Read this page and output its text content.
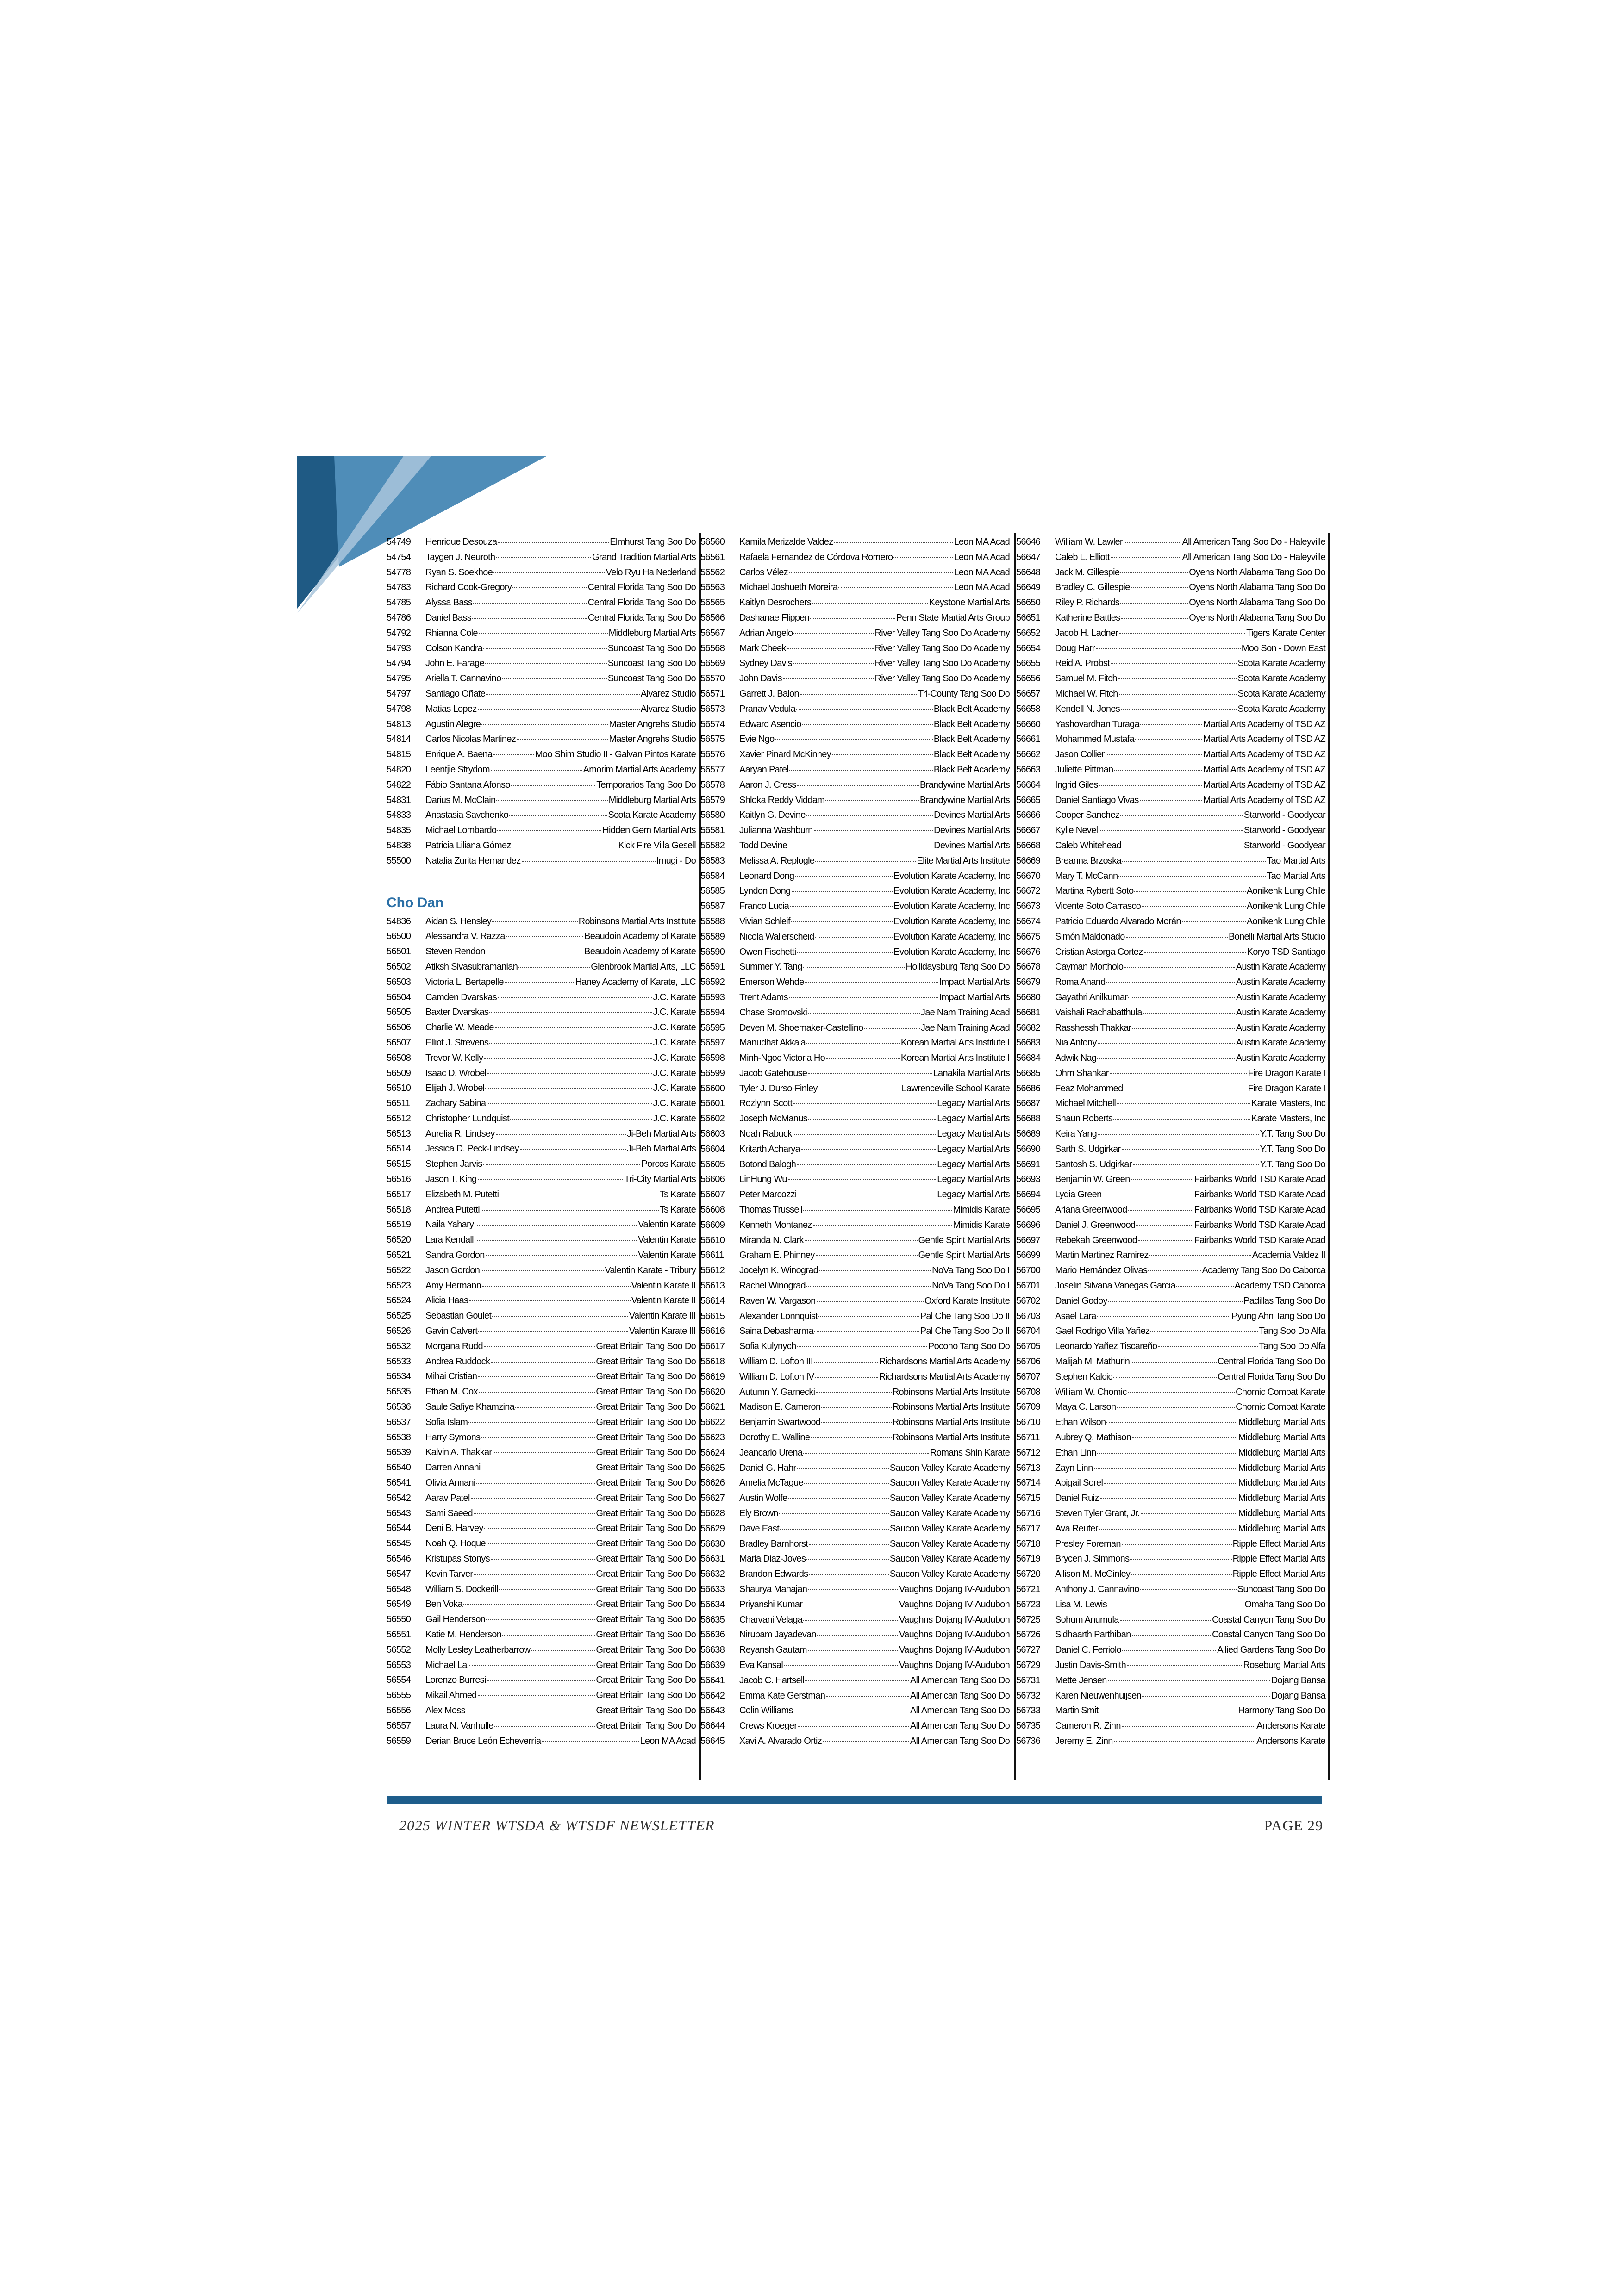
54749	Henrique Desouza	Elmhurst Tang Soo Do
54754	Taygen J. Neuroth	Grand Tradition Martial Arts
54778	Ryan S. Soekhoe	Velo Ryu Ha Nederland
54783	Richard Cook-Gregory	Central Florida Tang Soo Do
54785	Alyssa Bass	Central Florida Tang Soo Do
54786	Daniel Bass	Central Florida Tang Soo Do
54792	Rhianna Cole	Middleburg Martial Arts
54793	Colson Kandra	Suncoast Tang Soo Do
54794	John E. Farage	Suncoast Tang Soo Do
54795	Ariella T. Cannavino	Suncoast Tang Soo Do
54797	Santiago Oñate	Alvarez Studio
54798	Matias Lopez	Alvarez Studio
54813	Agustin Alegre	Master Angrehs Studio
54814	Carlos Nicolas Martinez	Master Angrehs Studio
54815	Enrique A. Baena	Moo Shim Studio II - Galvan Pintos Karate
54820	Leentjie Strydom	Amorim Martial Arts Academy
54822	Fábio Santana Afonso	Temporarios Tang Soo Do
54831	Darius M. McClain	Middleburg Martial Arts
54833	Anastasia Savchenko	Scota Karate Academy
54835	Michael Lombardo	Hidden Gem Martial Arts
54838	Patricia Liliana Gómez	Kick Fire Villa Gesell
55500	Natalia Zurita Hernandez	Imugi - Do
Cho Dan
54836	Aidan S. Hensley	Robinsons Martial Arts Institute
56500	Alessandra V. Razza	Beaudoin Academy of Karate
56501	Steven Rendon	Beaudoin Academy of Karate
56502	Atiksh Sivasubramanian	Glenbrook Martial Arts, LLC
56503	Victoria L. Bertapelle	Haney Academy of Karate, LLC
56504	Camden Dvarskas	J.C. Karate
56505	Baxter Dvarskas	J.C. Karate
56506	Charlie W. Meade	J.C. Karate
56507	Elliot J. Strevens	J.C. Karate
56508	Trevor W. Kelly	J.C. Karate
56509	Isaac D. Wrobel	J.C. Karate
56510	Elijah J. Wrobel	J.C. Karate
56511	Zachary Sabina	J.C. Karate
56512	Christopher Lundquist	J.C. Karate
56513	Aurelia R. Lindsey	Ji-Beh Martial Arts
56514	Jessica D. Peck-Lindsey	Ji-Beh Martial Arts
56515	Stephen Jarvis	Porcos Karate
56516	Jason T. King	Tri-City Martial Arts
56517	Elizabeth M. Putetti	Ts Karate
56518	Andrea Putetti	Ts Karate
56519	Naila Yahary	Valentin Karate
56520	Lara Kendall	Valentin Karate
56521	Sandra Gordon	Valentin Karate
56522	Jason Gordon	Valentin Karate - Tribury
56523	Amy Hermann	Valentin Karate II
56524	Alicia Haas	Valentin Karate II
56525	Sebastian Goulet	Valentin Karate III
56526	Gavin Calvert	Valentin Karate III
56532	Morgana Rudd	Great Britain Tang Soo Do
56533	Andrea Ruddock	Great Britain Tang Soo Do
56534	Mihai Cristian	Great Britain Tang Soo Do
56535	Ethan M. Cox	Great Britain Tang Soo Do
56536	Saule Safiye Khamzina	Great Britain Tang Soo Do
56537	Sofia Islam	Great Britain Tang Soo Do
56538	Harry Symons	Great Britain Tang Soo Do
56539	Kalvin A. Thakkar	Great Britain Tang Soo Do
56540	Darren Annani	Great Britain Tang Soo Do
56541	Olivia Annani	Great Britain Tang Soo Do
56542	Aarav Patel	Great Britain Tang Soo Do
56543	Sami Saeed	Great Britain Tang Soo Do
56544	Deni B. Harvey	Great Britain Tang Soo Do
56545	Noah Q. Hoque	Great Britain Tang Soo Do
56546	Kristupas Stonys	Great Britain Tang Soo Do
56547	Kevin Tarver	Great Britain Tang Soo Do
56548	William S. Dockerill	Great Britain Tang Soo Do
56549	Ben Voka	Great Britain Tang Soo Do
56550	Gail Henderson	Great Britain Tang Soo Do
56551	Katie M. Henderson	Great Britain Tang Soo Do
56552	Molly Lesley Leatherbarrow	Great Britain Tang Soo Do
56553	Michael Lal	Great Britain Tang Soo Do
56554	Lorenzo Burresi	Great Britain Tang Soo Do
56555	Mikail Ahmed	Great Britain Tang Soo Do
56556	Alex Moss	Great Britain Tang Soo Do
56557	Laura N. Vanhulle	Great Britain Tang Soo Do
56559	Derian Bruce León Echeverría	Leon MA Acad
56560	Kamila Merizalde Valdez	Leon MA Acad
56561	Rafaela Fernandez de Córdova Romero	Leon MA Acad
56562	Carlos Vélez	Leon MA Acad
56563	Michael Joshueth Moreira	Leon MA Acad
56565	Kaitlyn Desrochers	Keystone Martial Arts
56566	Dashanae Flippen	Penn State Martial Arts Group
56567	Adrian Angelo	River Valley Tang Soo Do Academy
56568	Mark Cheek	River Valley Tang Soo Do Academy
56569	Sydney Davis	River Valley Tang Soo Do Academy
56570	John Davis	River Valley Tang Soo Do Academy
56571	Garrett J. Balon	Tri-County Tang Soo Do
56573	Pranav Vedula	Black Belt Academy
56574	Edward Asencio	Black Belt Academy
56575	Evie Ngo	Black Belt Academy
56576	Xavier Pinard McKinney	Black Belt Academy
56577	Aaryan Patel	Black Belt Academy
56578	Aaron J. Cress	Brandywine Martial Arts
56579	Shloka Reddy Viddam	Brandywine Martial Arts
56580	Kaitlyn G. Devine	Devines Martial Arts
56581	Julianna Washburn	Devines Martial Arts
56582	Todd Devine	Devines Martial Arts
56583	Melissa A. Replogle	Elite Martial Arts Institute
56584	Leonard Dong	Evolution Karate Academy, Inc
56585	Lyndon Dong	Evolution Karate Academy, Inc
56587	Franco Lucia	Evolution Karate Academy, Inc
56588	Vivian Schleif	Evolution Karate Academy, Inc
56589	Nicola Wallerscheid	Evolution Karate Academy, Inc
56590	Owen Fischetti	Evolution Karate Academy, Inc
56591	Summer Y. Tang	Hollidaysburg Tang Soo Do
56592	Emerson Wehde	Impact Martial Arts
56593	Trent Adams	Impact Martial Arts
56594	Chase Sromovski	Jae Nam Training Acad
56595	Deven M. Shoemaker-Castellino	Jae Nam Training Acad
56597	Manudhat Akkala	Korean Martial Arts Institute I
56598	Minh-Ngoc Victoria Ho	Korean Martial Arts Institute I
56599	Jacob Gatehouse	Lanakila Martial Arts
56600	Tyler J. Durso-Finley	Lawrenceville School Karate
56601	Rozlynn Scott	Legacy Martial Arts
56602	Joseph McManus	Legacy Martial Arts
56603	Noah Rabuck	Legacy Martial Arts
56604	Kritarth Acharya	Legacy Martial Arts
56605	Botond Balogh	Legacy Martial Arts
56606	LinHung Wu	Legacy Martial Arts
56607	Peter Marcozzi	Legacy Martial Arts
56608	Thomas Trussell	Mimidis Karate
56609	Kenneth Montanez	Mimidis Karate
56610	Miranda N. Clark	Gentle Spirit Martial Arts
56611	Graham E. Phinney	Gentle Spirit Martial Arts
56612	Jocelyn K. Winograd	NoVa Tang Soo Do I
56613	Rachel Winograd	NoVa Tang Soo Do I
56614	Raven W. Vargason	Oxford Karate Institute
56615	Alexander Lonnquist	Pal Che Tang Soo Do II
56616	Saina Debasharma	Pal Che Tang Soo Do II
56617	Sofia Kulynych	Pocono Tang Soo Do
56618	William D. Lofton III	Richardsons Martial Arts Academy
56619	William D. Lofton IV	Richardsons Martial Arts Academy
56620	Autumn Y. Garnecki	Robinsons Martial Arts Institute
56621	Madison E. Cameron	Robinsons Martial Arts Institute
56622	Benjamin Swartwood	Robinsons Martial Arts Institute
56623	Dorothy E. Walline	Robinsons Martial Arts Institute
56624	Jeancarlo Urena	Romans Shin Karate
56625	Daniel G. Hahr	Saucon Valley Karate Academy
56626	Amelia McTague	Saucon Valley Karate Academy
56627	Austin Wolfe	Saucon Valley Karate Academy
56628	Ely Brown	Saucon Valley Karate Academy
56629	Dave East	Saucon Valley Karate Academy
56630	Bradley Barnhorst	Saucon Valley Karate Academy
56631	Maria Diaz-Joves	Saucon Valley Karate Academy
56632	Brandon Edwards	Saucon Valley Karate Academy
56633	Shaurya Mahajan	Vaughns Dojang IV-Audubon
56634	Priyanshi Kumar	Vaughns Dojang IV-Audubon
56635	Charvani Velaga	Vaughns Dojang IV-Audubon
56636	Nirupam Jayadevan	Vaughns Dojang IV-Audubon
56638	Reyansh Gautam	Vaughns Dojang IV-Audubon
56639	Eva Kansal	Vaughns Dojang IV-Audubon
56641	Jacob C. Hartsell	All American Tang Soo Do
56642	Emma Kate Gerstman	All American Tang Soo Do
56643	Colin Williams	All American Tang Soo Do
56644	Crews Kroeger	All American Tang Soo Do
56645	Xavi A. Alvarado Ortiz	All American Tang Soo Do
56646	William W. Lawler	All American Tang Soo Do - Haleyville
56647	Caleb L. Elliott	All American Tang Soo Do - Haleyville
56648	Jack M. Gillespie	Oyens North Alabama Tang Soo Do
56649	Bradley C. Gillespie	Oyens North Alabama Tang Soo Do
56650	Riley P. Richards	Oyens North Alabama Tang Soo Do
56651	Katherine Battles	Oyens North Alabama Tang Soo Do
56652	Jacob H. Ladner	Tigers Karate Center
56654	Doug Harr	Moo Son - Down East
56655	Reid A. Probst	Scota Karate Academy
56656	Samuel M. Fitch	Scota Karate Academy
56657	Michael W. Fitch	Scota Karate Academy
56658	Kendell N. Jones	Scota Karate Academy
56660	Yashovardhan Turaga	Martial Arts Academy of TSD AZ
56661	Mohammed Mustafa	Martial Arts Academy of TSD AZ
56662	Jason Collier	Martial Arts Academy of TSD AZ
56663	Juliette Pittman	Martial Arts Academy of TSD AZ
56664	Ingrid Giles	Martial Arts Academy of TSD AZ
56665	Daniel Santiago Vivas	Martial Arts Academy of TSD AZ
56666	Cooper Sanchez	Starworld - Goodyear
56667	Kylie Nevel	Starworld - Goodyear
56668	Caleb Whitehead	Starworld - Goodyear
56669	Breanna Brzoska	Tao Martial Arts
56670	Mary T. McCann	Tao Martial Arts
56672	Martina Rybertt Soto	Aonikenk Lung Chile
56673	Vicente Soto Carrasco	Aonikenk Lung Chile
56674	Patricio Eduardo Alvarado Morán	Aonikenk Lung Chile
56675	Simón Maldonado	Bonelli Martial Arts Studio
56676	Cristian Astorga Cortez	Koryo TSD Santiago
56678	Cayman Mortholo	Austin Karate Academy
56679	Roma Anand	Austin Karate Academy
56680	Gayathri Anilkumar	Austin Karate Academy
56681	Vaishali Rachabatthula	Austin Karate Academy
56682	Rasshessh Thakkar	Austin Karate Academy
56683	Nia Antony	Austin Karate Academy
56684	Adwik Nag	Austin Karate Academy
56685	Ohm Shankar	Fire Dragon Karate I
56686	Feaz Mohammed	Fire Dragon Karate I
56687	Michael Mitchell	Karate Masters, Inc
56688	Shaun Roberts	Karate Masters, Inc
56689	Keira Yang	Y.T. Tang Soo Do
56690	Sarth S. Udgirkar	Y.T. Tang Soo Do
56691	Santosh S. Udgirkar	Y.T. Tang Soo Do
56693	Benjamin W. Green	Fairbanks World TSD Karate Acad
56694	Lydia Green	Fairbanks World TSD Karate Acad
56695	Ariana Greenwood	Fairbanks World TSD Karate Acad
56696	Daniel J. Greenwood	Fairbanks World TSD Karate Acad
56697	Rebekah Greenwood	Fairbanks World TSD Karate Acad
56699	Martin Martinez Ramirez	Academia Valdez II
56700	Mario Hernández Olivas	Academy Tang Soo Do Caborca
56701	Joselin Silvana Vanegas Garcia	Academy TSD Caborca
56702	Daniel Godoy	Padillas Tang Soo Do
56703	Asael Lara	Pyung Ahn Tang Soo Do
56704	Gael Rodrigo Villa Yañez	Tang Soo Do Alfa
56705	Leonardo Yañez Tiscareño	Tang Soo Do Alfa
56706	Malijah M. Mathurin	Central Florida Tang Soo Do
56707	Stephen Kalcic	Central Florida Tang Soo Do
56708	William W. Chomic	Chomic Combat Karate
56709	Maya C. Larson	Chomic Combat Karate
56710	Ethan Wilson	Middleburg Martial Arts
56711	Aubrey Q. Mathison	Middleburg Martial Arts
56712	Ethan Linn	Middleburg Martial Arts
56713	Zayn Linn	Middleburg Martial Arts
56714	Abigail Sorel	Middleburg Martial Arts
56715	Daniel Ruiz	Middleburg Martial Arts
56716	Steven Tyler Grant, Jr.	Middleburg Martial Arts
56717	Ava Reuter	Middleburg Martial Arts
56718	Presley Foreman	Ripple Effect Martial Arts
56719	Brycen J. Simmons	Ripple Effect Martial Arts
56720	Allison M. McGinley	Ripple Effect Martial Arts
56721	Anthony J. Cannavino	Suncoast Tang Soo Do
56723	Lisa M. Lewis	Omaha Tang Soo Do
56725	Sohum Anumula	Coastal Canyon Tang Soo Do
56726	Sidhaarth Parthiban	Coastal Canyon Tang Soo Do
56727	Daniel C. Ferriolo	Allied Gardens Tang Soo Do
56729	Justin Davis-Smith	Roseburg Martial Arts
56731	Mette Jensen	Dojang Bansa
56732	Karen Nieuwenhuijsen	Dojang Bansa
56733	Martin Smit	Harmony Tang Soo Do
56735	Cameron R. Zinn	Andersons Karate
56736	Jeremy E. Zinn	Andersons Karate
2025 WINTER WTSDA & WTSDF NEWSLETTER	PAGE 29
